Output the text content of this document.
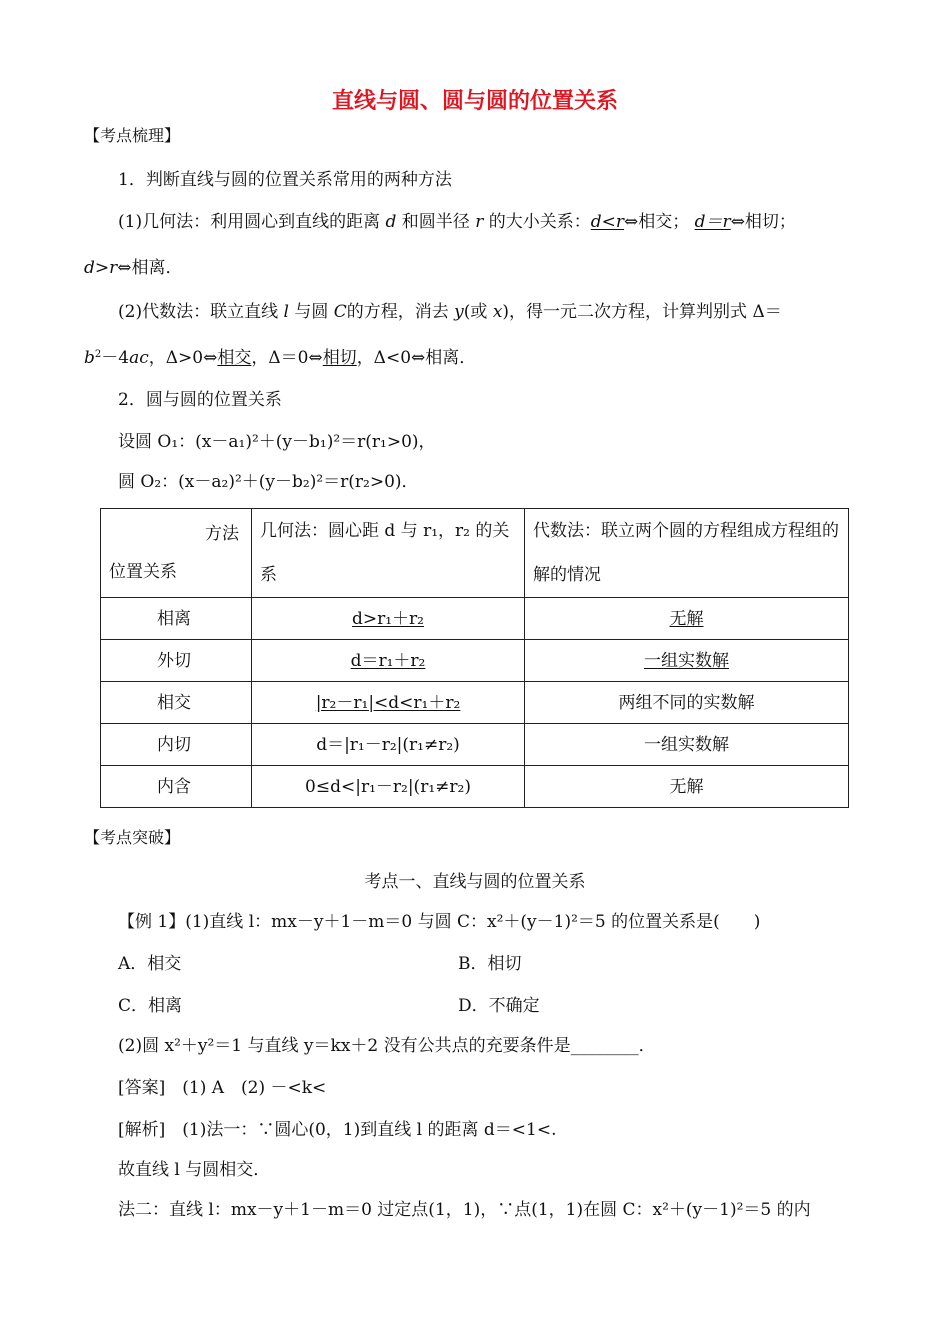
直线与圆、圆与圆的位置关系
【考点梳理】
1．判断直线与圆的位置关系常用的两种方法
(1)几何法：利用圆心到直线的距离 d 和圆半径 r 的大小关系：d<r⇔相交； d＝r⇔相切；
d>r⇔相离．
(2)代数法：联立直线 l 与圆 C的方程，消去 y(或 x)，得一元二次方程，计算判别式 Δ＝
$b^2-4ac$，Δ>0⇔相交，Δ＝0⇔相切，Δ<0⇔相离．
2．圆与圆的位置关系
设圆 O₁：(x－a₁)²＋(y－b₁)²＝r(r₁>0)，
圆 O₂：(x－a₂)²＋(y－b₂)²＝r(r₂>0)．
方法
位置关系	几何法：圆心距 d 与 r₁，r₂ 的关系	代数法：联立两个圆的方程组成方程组的解的情况
相离	d>r₁＋r₂	无解
外切	d＝r₁＋r₂	一组实数解
相交	|r₂－r₁|<d<r₁＋r₂	两组不同的实数解
内切	d＝|r₁－r₂|(r₁≠r₂)	一组实数解
内含	0≤d<|r₁－r₂|(r₁≠r₂)	无解
【考点突破】
考点一、直线与圆的位置关系
【例 1】(1)直线 l：mx－y＋1－m＝0 与圆 C：x²＋(y－1)²＝5 的位置关系是(　　)
A．相交	B．相切
C．相离	D．不确定
(2)圆 x²＋y²＝1 与直线 y＝kx＋2 没有公共点的充要条件是________．
[答案]　(1) A　(2) －<k<
[解析]　(1)法一：∵圆心(0，1)到直线 l 的距离 d＝<1<.
故直线 l 与圆相交．
法二：直线 l：mx－y＋1－m＝0 过定点(1，1)，∵点(1，1)在圆 C：x²＋(y－1)²＝5 的内
